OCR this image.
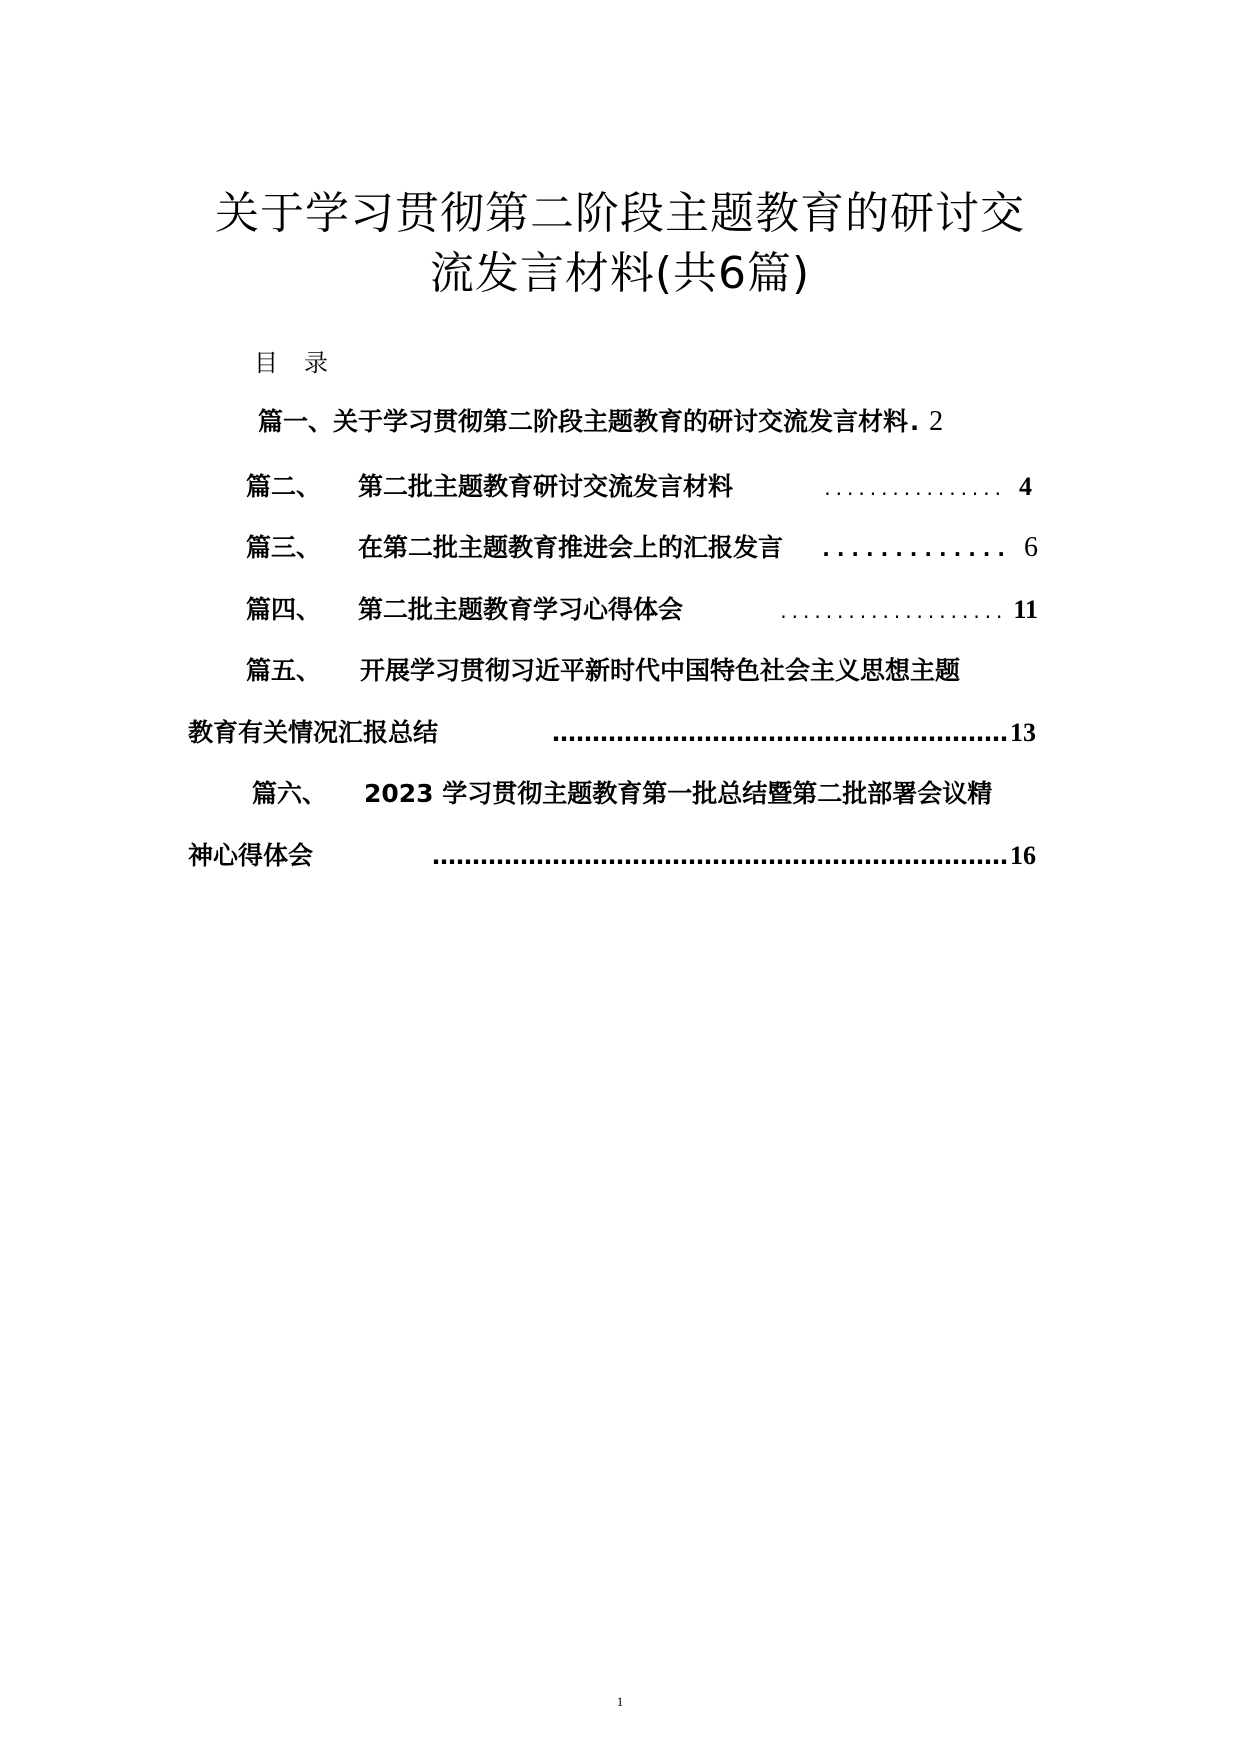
关于学习贯彻第二阶段主题教育的研讨交
流发言材料(共6篇)
目录
篇一、 关于学习贯彻第二阶段主题教育的研讨交流发言材料 . 2
篇二、	第二批主题教育研讨交流发言材料	................ 4
篇三、	在第二批主题教育推进会上的汇报发言	............. 6
篇四、	第二批主题教育学习心得体会	.................... 11
篇五、	开展学习贯彻习近平新时代中国特色社会主义思想主题
教育有关情况汇报总结	………………………………………………… 13
篇六、	2023 学习贯彻主题教育第一批总结暨第二批部署会议精
神心得体会	……………………………………………………………… 16
1
